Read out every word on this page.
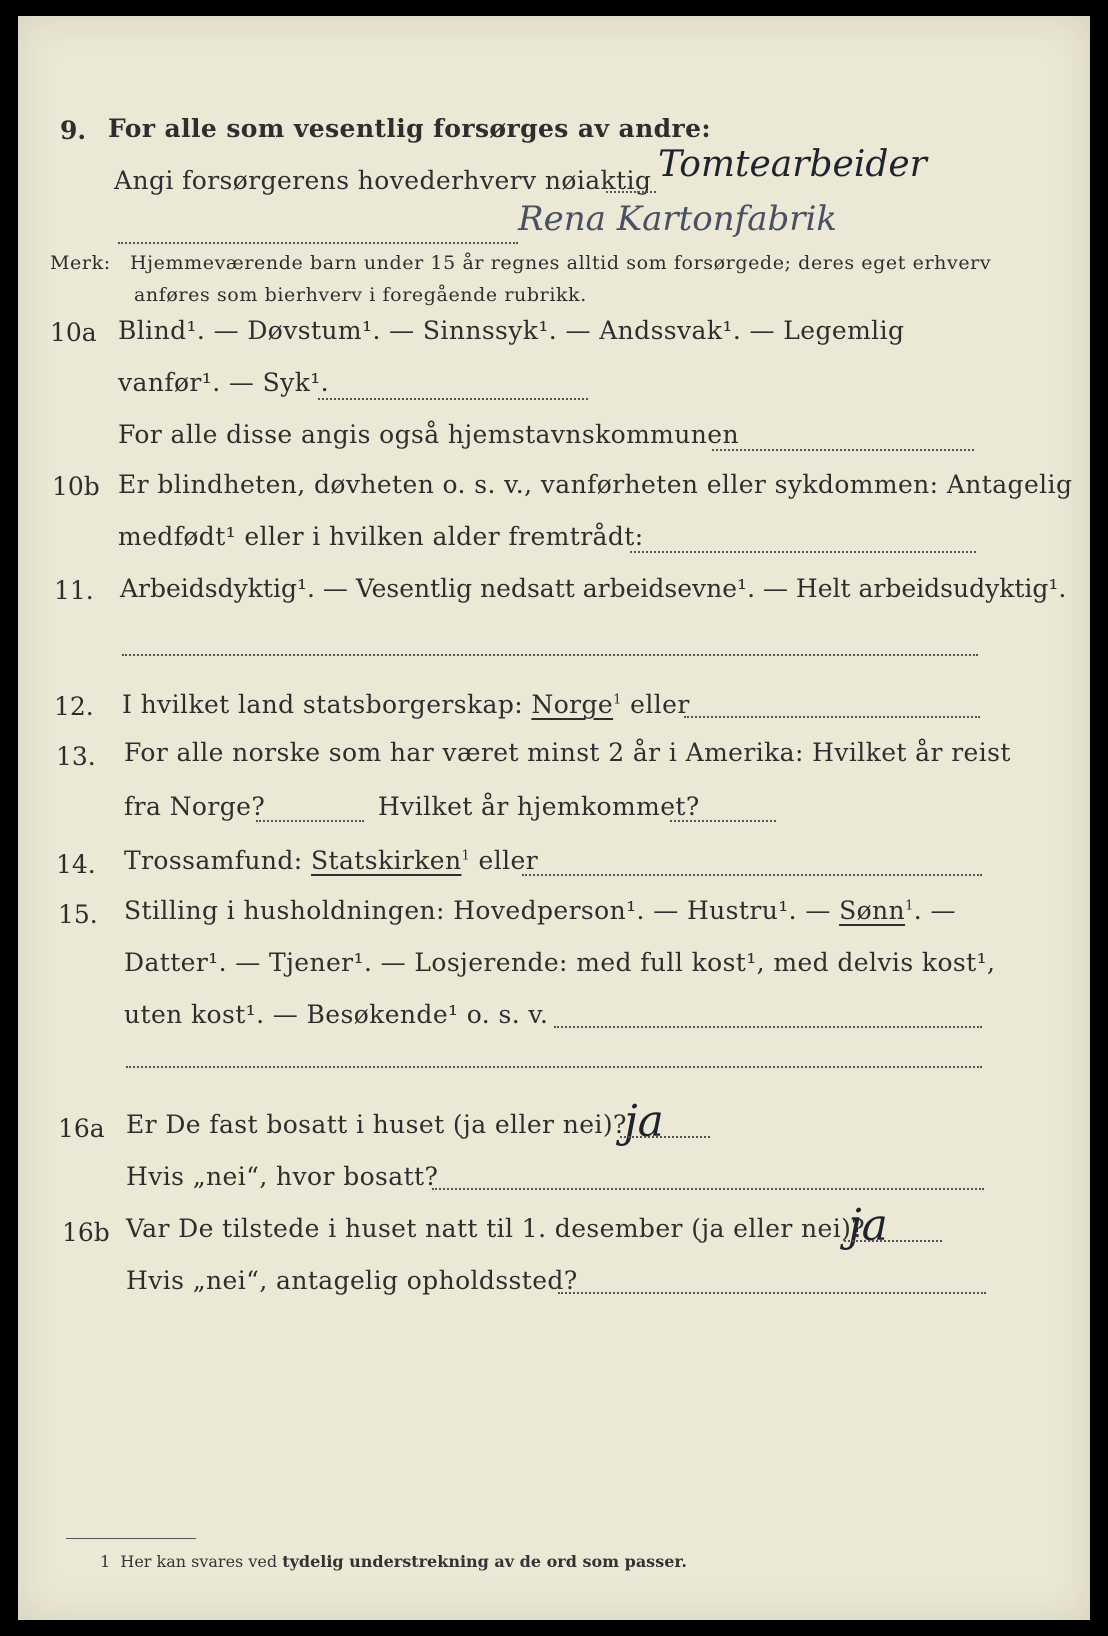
9. For alle som vesentlig forsørges av andre:
Angi forsørgerens hovederhverv nøiaktig Tomtearbeider
Rena Kartonfabrik
Merk: Hjemmeværende barn under 15 år regnes alltid som forsørgede; deres eget erhverv
anføres som bierhverv i foregående rubrikk.
10a Blind¹. — Døvstum¹. — Sinnssyk¹. — Andssvak¹. — Legemlig
vanfør¹. — Syk¹.
For alle disse angis også hjemstavnskommunen
10b Er blindheten, døvheten o. s. v., vanførheten eller sykdommen: Antagelig
medfødt¹ eller i hvilken alder fremtrådt:
11. Arbeidsdyktig¹. — Vesentlig nedsatt arbeidsevne¹. — Helt arbeidsudyktig¹.
12. I hvilket land statsborgerskap: Norge$^1$ eller
13. For alle norske som har været minst 2 år i Amerika: Hvilket år reist
fra Norge?	Hvilket år hjemkommet?
14. Trossamfund: Statskirken$^1$ eller
15. Stilling i husholdningen: Hovedperson¹. — Hustru¹. — Sønn$^1$. —
Datter¹. — Tjener¹. — Losjerende: med full kost¹, med delvis kost¹,
uten kost¹. — Besøkende¹ o. s. v.
16a Er De fast bosatt i huset (ja eller nei)?
ja
Hvis „nei“, hvor bosatt?
16b Var De tilstede i huset natt til 1. desember (ja eller nei)?
ja
Hvis „nei“, antagelig opholdssted?
1 Her kan svares ved tydelig understrekning av de ord som passer.
